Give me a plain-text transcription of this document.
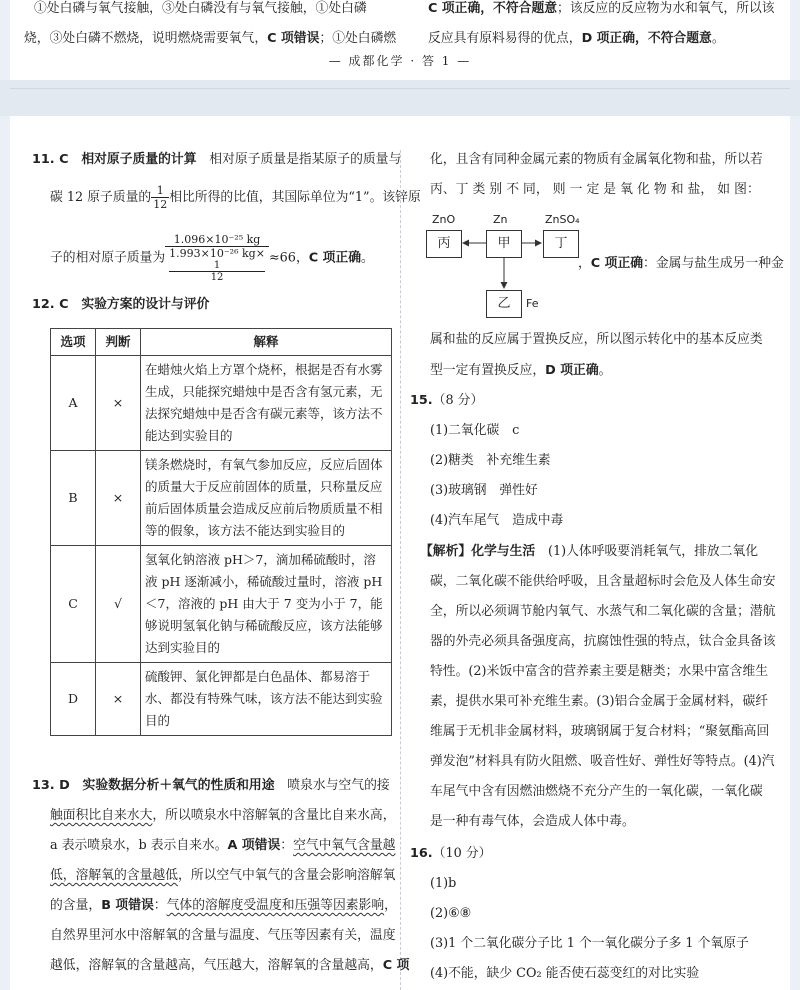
①处白磷与氧气接触，③处白磷没有与氧气接触，①处白磷
烧，③处白磷不燃烧，说明燃烧需要氧气，C 项错误；①处白磷燃
C 项正确，不符合题意；该反应的反应物为水和氧气，所以该
反应具有原料易得的优点，D 项正确，不符合题意。
— 成都化学 · 答 1 —
11. C　 相对原子质量的计算　 相对原子质量是指某原子的质量与
碳 12 原子质量的 $\frac{1}{12}$ 相比所得的比值，其国际单位为“1”。该锌原
子的相对原子质量为 1.096×10⁻²⁵ kg
1.993×10⁻²⁶ kg×
1
12 ≈66，C 项正确。
12. C　 实验方案的设计与评价
选项	判断	解释
A	×	在蜡烛火焰上方罩个烧杯，根据是否有水雾生成，只能探究蜡烛中是否含有氢元素，无法探究蜡烛中是否含有碳元素等，该方法不能达到实验目的
B	×	镁条燃烧时，有氧气参加反应，反应后固体的质量大于反应前固体的质量，只称量反应前后固体质量会造成反应前后物质质量不相等的假象，该方法不能达到实验目的
C	√	氢氧化钠溶液 pH＞7，滴加稀硫酸时，溶液 pH 逐渐减小，稀硫酸过量时，溶液 pH＜7，溶液的 pH 由大于 7 变为小于 7，能够说明氢氧化钠与稀硫酸反应，该方法能够达到实验目的
D	×	硫酸钾、氯化钾都是白色晶体、都易溶于水、都没有特殊气味，该方法不能达到实验目的
13. D　 实验数据分析＋氧气的性质和用途　 喷泉水与空气的接
触面积比自来水大，所以喷泉水中溶解氧的含量比自来水高，
a 表示喷泉水，b 表示自来水。A 项错误：空气中氧气含量越
低，溶解氧的含量越低，所以空气中氧气的含量会影响溶解氧
的含量，B 项错误：气体的溶解度受温度和压强等因素影响，
自然界里河水中溶解氧的含量与温度、气压等因素有关，温度
越低，溶解氧的含量越高，气压越大，溶解氧的含量越高，C 项
化，且含有同种金属元素的物质有金属氧化物和盐，所以若
丙、丁 类 别 不 同， 则 一 定 是 氧 化 物 和 盐， 如 图：
ZnO	Zn	ZnSO₄
丙	甲	丁
乙	Fe
，C 项正确：金属与盐生成另一种金
属和盐的反应属于置换反应，所以图示转化中的基本反应类
型一定有置换反应，D 项正确。
15.（8 分）
(1)二氧化碳　c
(2)糖类　补充维生素
(3)玻璃钢　弹性好
(4)汽车尾气　造成中毒
【解析】化学与生活　 (1)人体呼吸要消耗氧气，排放二氧化
碳，二氧化碳不能供给呼吸，且含量超标时会危及人体生命安
全，所以必须调节舱内氧气、水蒸气和二氧化碳的含量；潜航
器的外壳必须具备强度高，抗腐蚀性强的特点，钛合金具备该
特性。(2)米饭中富含的营养素主要是糖类；水果中富含维生
素，提供水果可补充维生素。(3)铝合金属于金属材料，碳纤
维属于无机非金属材料，玻璃钢属于复合材料；“聚氨酯高回
弹发泡”材料具有防火阻燃、吸音性好、弹性好等特点。(4)汽
车尾气中含有因燃油燃烧不充分产生的一氧化碳，一氧化碳
是一种有毒气体，会造成人体中毒。
16.（10 分）
(1)b
(2)⑥⑧
(3)1 个二氧化碳分子比 1 个一氧化碳分子多 1 个氧原子
(4)不能，缺少 CO₂ 能否使石蕊变红的对比实验
